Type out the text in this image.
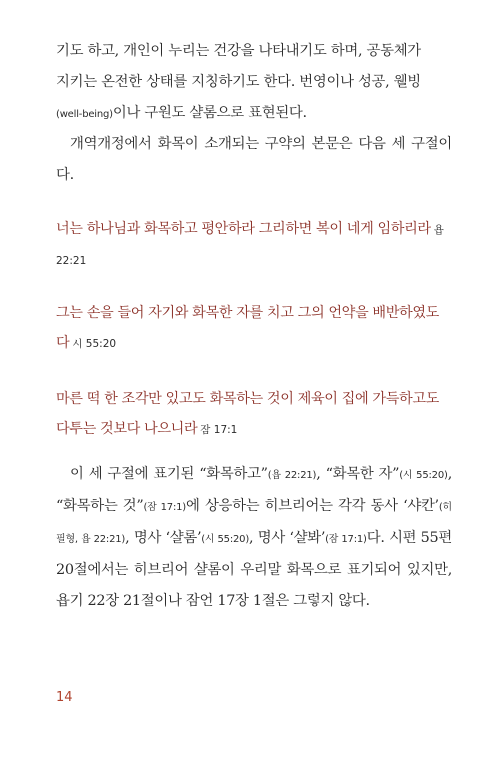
기도 하고, 개인이 누리는 건강을 나타내기도 하며, 공동체가
지키는 온전한 상태를 지칭하기도 한다. 번영이나 성공, 웰빙
(well-being)이나 구원도 샬롬으로 표현된다.

개역개정에서 화목이 소개되는 구약의 본문은 다음 세 구절이다.

너는 하나님과 화목하고 평안하라 그리하면 복이 네게 임하리라 욥 22:21

그는 손을 들어 자기와 화목한 자를 치고 그의 언약을 배반하였도다 시 55:20

마른 떡 한 조각만 있고도 화목하는 것이 제육이 집에 가득하고도 다투는 것보다 나으니라 잠 17:1

이 세 구절에 표기된 “화목하고”(욥 22:21), “화목한 자”(시 55:20), “화목하는 것”(잠 17:1)에 상응하는 히브리어는 각각 동사 ‘샤칸’(히필형, 욥 22:21), 명사 ‘샬롬’(시 55:20), 명사 ‘샬봐’(잠 17:1)다. 시편 55편 20절에서는 히브리어 샬롬이 우리말 화목으로 표기되어 있지만, 욥기 22장 21절이나 잠언 17장 1절은 그렇지 않다.

14
